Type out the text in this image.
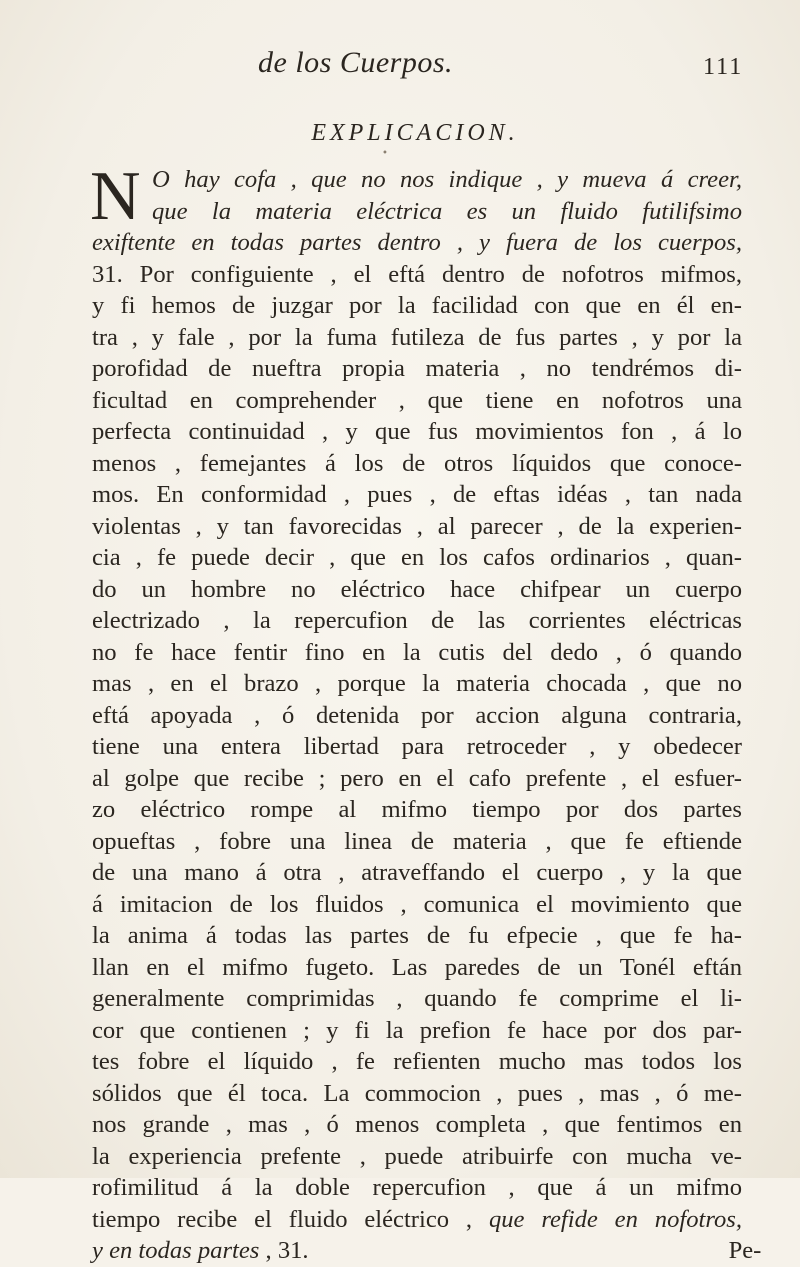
de los Cuerpos.	111
EXPLICACION.
•
N O hay cofa , que no nos indique , y mueva á creer,
que la materia eléctrica es un fluido futilifsimo
exiftente en todas partes dentro , y fuera de los cuerpos,
31. Por configuiente , el eftá dentro de nofotros mifmos,
y fi hemos de juzgar por la facilidad con que en él en-
tra , y fale , por la fuma futileza de fus partes , y por la
porofidad de nueftra propia materia , no tendrémos di-
ficultad en comprehender , que tiene en nofotros una
perfecta continuidad , y que fus movimientos fon , á lo
menos , femejantes á los de otros líquidos que conoce-
mos. En conformidad , pues , de eftas idéas , tan nada
violentas , y tan favorecidas , al parecer , de la experien-
cia , fe puede decir , que en los cafos ordinarios , quan-
do un hombre no eléctrico hace chifpear un cuerpo
electrizado , la repercufion de las corrientes eléctricas
no fe hace fentir fino en la cutis del dedo , ó quando
mas , en el brazo , porque la materia chocada , que no
eftá apoyada , ó detenida por accion alguna contraria,
tiene una entera libertad para retroceder , y obedecer
al golpe que recibe ; pero en el cafo prefente , el esfuer-
zo eléctrico rompe al mifmo tiempo por dos partes
opueftas , fobre una linea de materia , que fe eftiende
de una mano á otra , atraveffando el cuerpo , y la que
á imitacion de los fluidos , comunica el movimiento que
la anima á todas las partes de fu efpecie , que fe ha-
llan en el mifmo fugeto. Las paredes de un Tonél eftán
generalmente comprimidas , quando fe comprime el li-
cor que contienen ; y fi la prefion fe hace por dos par-
tes fobre el líquido , fe refienten mucho mas todos los
sólidos que él toca. La commocion , pues , mas , ó me-
nos grande , mas , ó menos completa , que fentimos en
la experiencia prefente , puede atribuirfe con mucha ve-
rofimilitud á la doble repercufion , que á un mifmo
tiempo recibe el fluido eléctrico , que refide en nofotros,
y en todas partes , 31.	Pe-
